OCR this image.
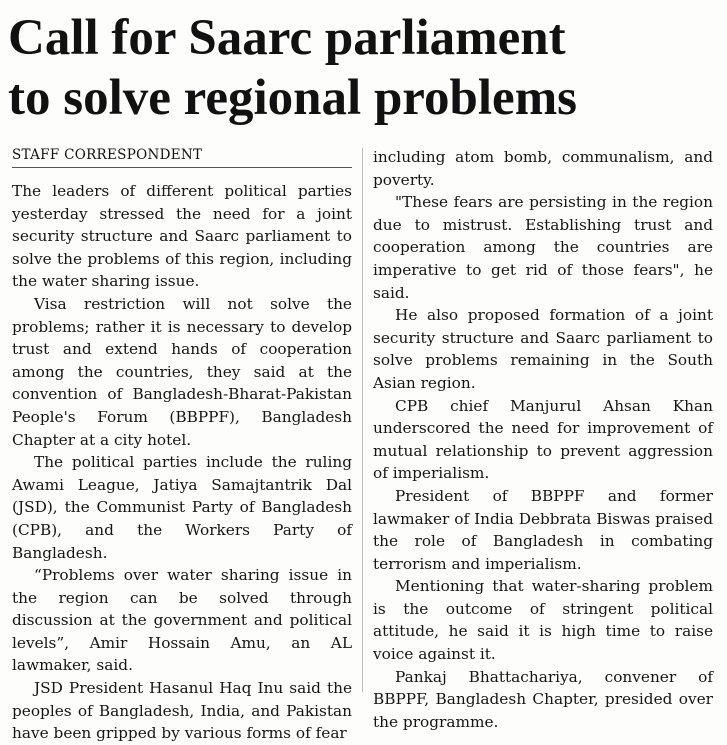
Call for Saarc parliament
to solve regional problems
STAFF CORRESPONDENT

The leaders of different political parties yesterday stressed the need for a joint security structure and Saarc parliament to solve the problems of this region, including the water sharing issue.

Visa restriction will not solve the problems; rather it is necessary to develop trust and extend hands of cooperation among the countries, they said at the convention of Bangladesh-Bharat-Pakistan People's Forum (BBPPF), Bangladesh Chapter at a city hotel.

The political parties include the ruling Awami League, Jatiya Samajtantrik Dal (JSD), the Communist Party of Bangladesh (CPB), and the Workers Party of Bangladesh.

“Problems over water sharing issue in the region can be solved through discussion at the government and political levels”, Amir Hossain Amu, an AL lawmaker, said.

JSD President Hasanul Haq Inu said the peoples of Bangladesh, India, and Pakistan have been gripped by various forms of fear

including atom bomb, communalism, and poverty.

"These fears are persisting in the region due to mistrust. Establishing trust and cooperation among the countries are imperative to get rid of those fears", he said.

He also proposed formation of a joint security structure and Saarc parliament to solve problems remaining in the South Asian region.

CPB chief Manjurul Ahsan Khan underscored the need for improvement of mutual relationship to prevent aggression of imperialism.

President of BBPPF and former lawmaker of India Debbrata Biswas praised the role of Bangladesh in combating terrorism and imperialism.

Mentioning that water-sharing problem is the outcome of stringent political attitude, he said it is high time to raise voice against it.

Pankaj Bhattachariya, convener of BBPPF, Bangladesh Chapter, presided over the programme.
